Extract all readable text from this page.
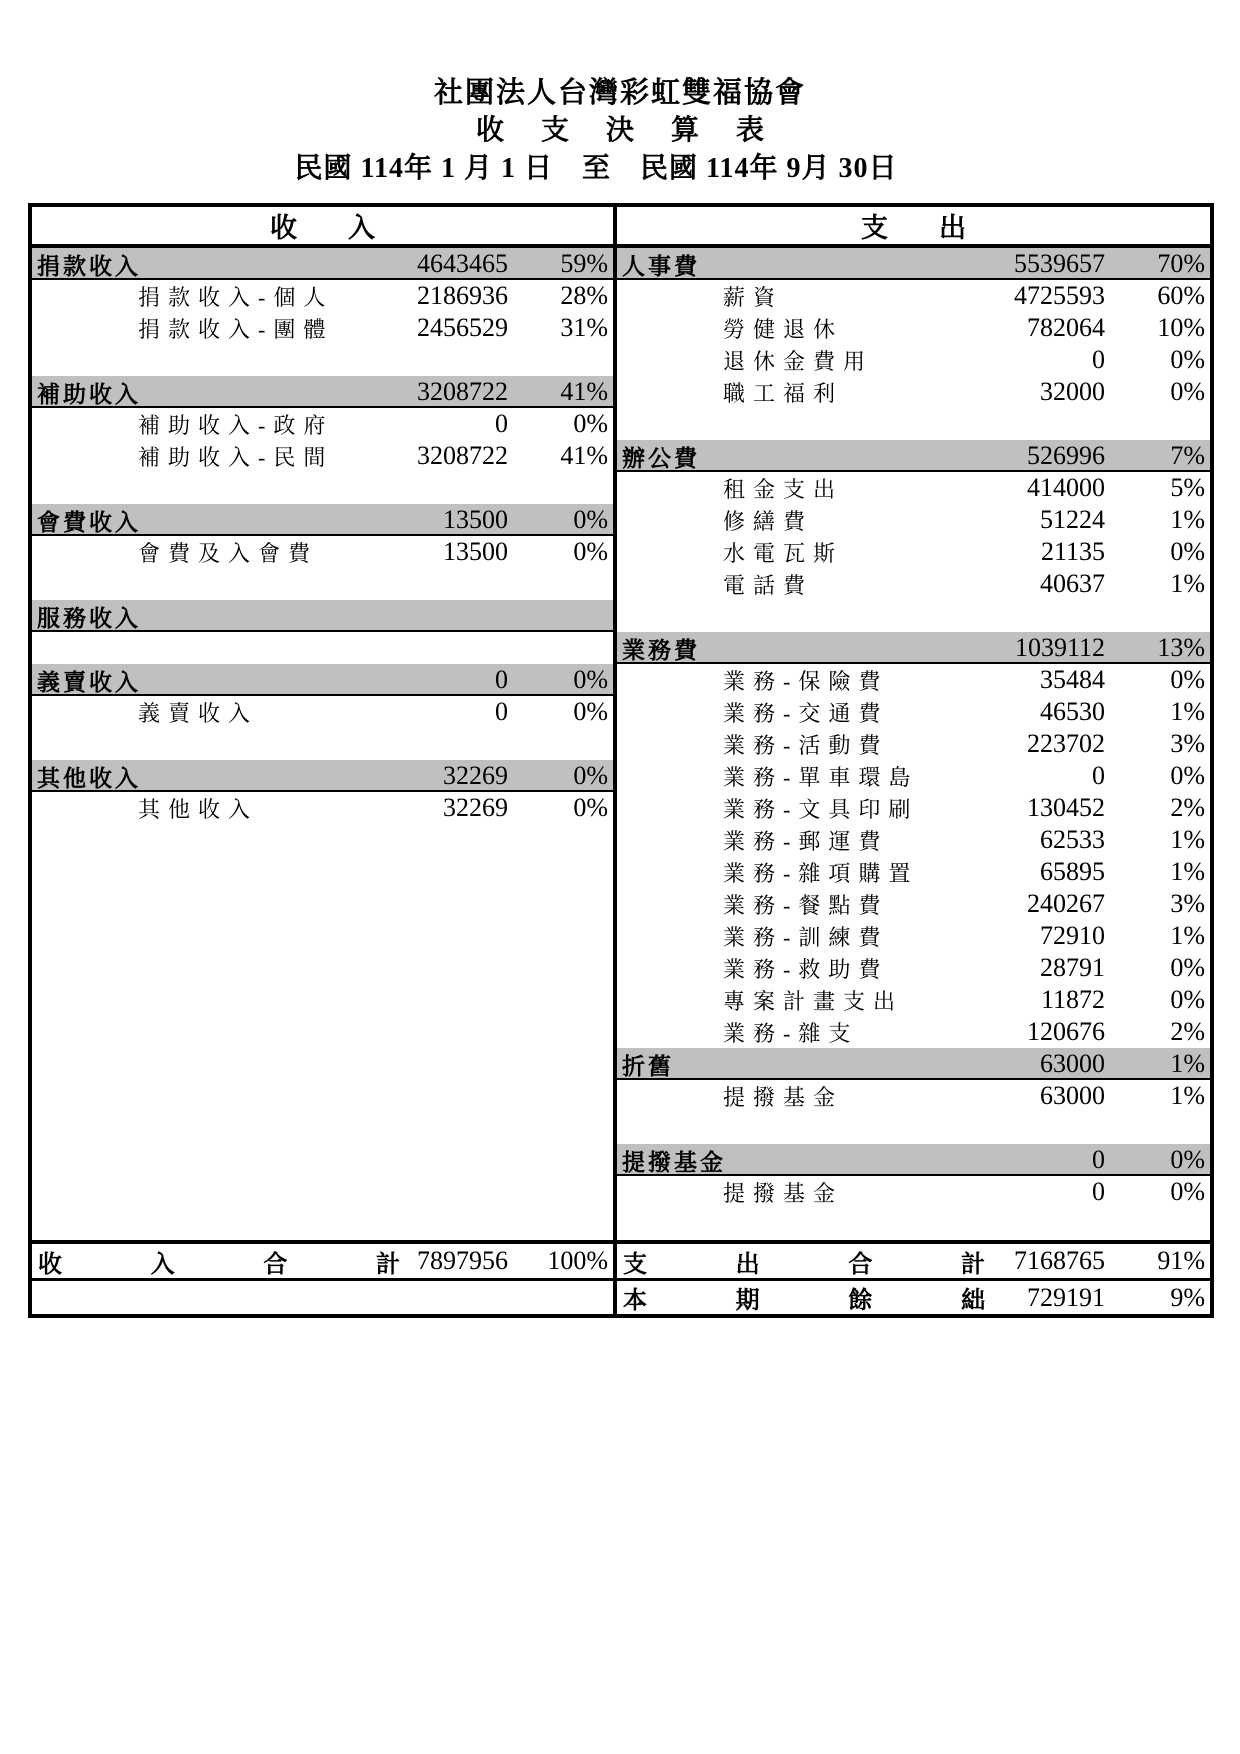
社團法人台灣彩虹雙福協會
收 支 決 算 表
民國 114年 1 月 1 日　至　民國 114年 9月 30日
收　入
捐款收入	4643465	59%
捐款收入-個人	2186936	28%
捐款收入-團體	2456529	31%
補助收入	3208722	41%
補助收入-政府	0	0%
補助收入-民間	3208722	41%
會費收入	13500	0%
會費及入會費	13500	0%
服務收入
義賣收入	0	0%
義賣收入	0	0%
其他收入	32269	0%
其他收入	32269	0%
收	入	合	計 7897956	100%
支　出
人事費	5539657	70%
薪資	4725593	60%
勞健退休	782064	10%
退休金費用	0	0%
職工福利	32000	0%
辦公費	526996	7%
租金支出	414000	5%
修繕費	51224	1%
水電瓦斯	21135	0%
電話費	40637	1%
業務費	1039112	13%
業務-保險費	35484	0%
業務-交通費	46530	1%
業務-活動費	223702	3%
業務-單車環島	0	0%
業務-文具印刷	130452	2%
業務-郵運費	62533	1%
業務-雜項購置	65895	1%
業務-餐點費	240267	3%
業務-訓練費	72910	1%
業務-救助費	28791	0%
專案計畫支出	11872	0%
業務-雜支	120676	2%
折舊	63000	1%
提撥基金	63000	1%
提撥基金	0	0%
提撥基金	0	0%
支	出	合	計	7168765	91%
本	期	餘	絀	729191	9%
